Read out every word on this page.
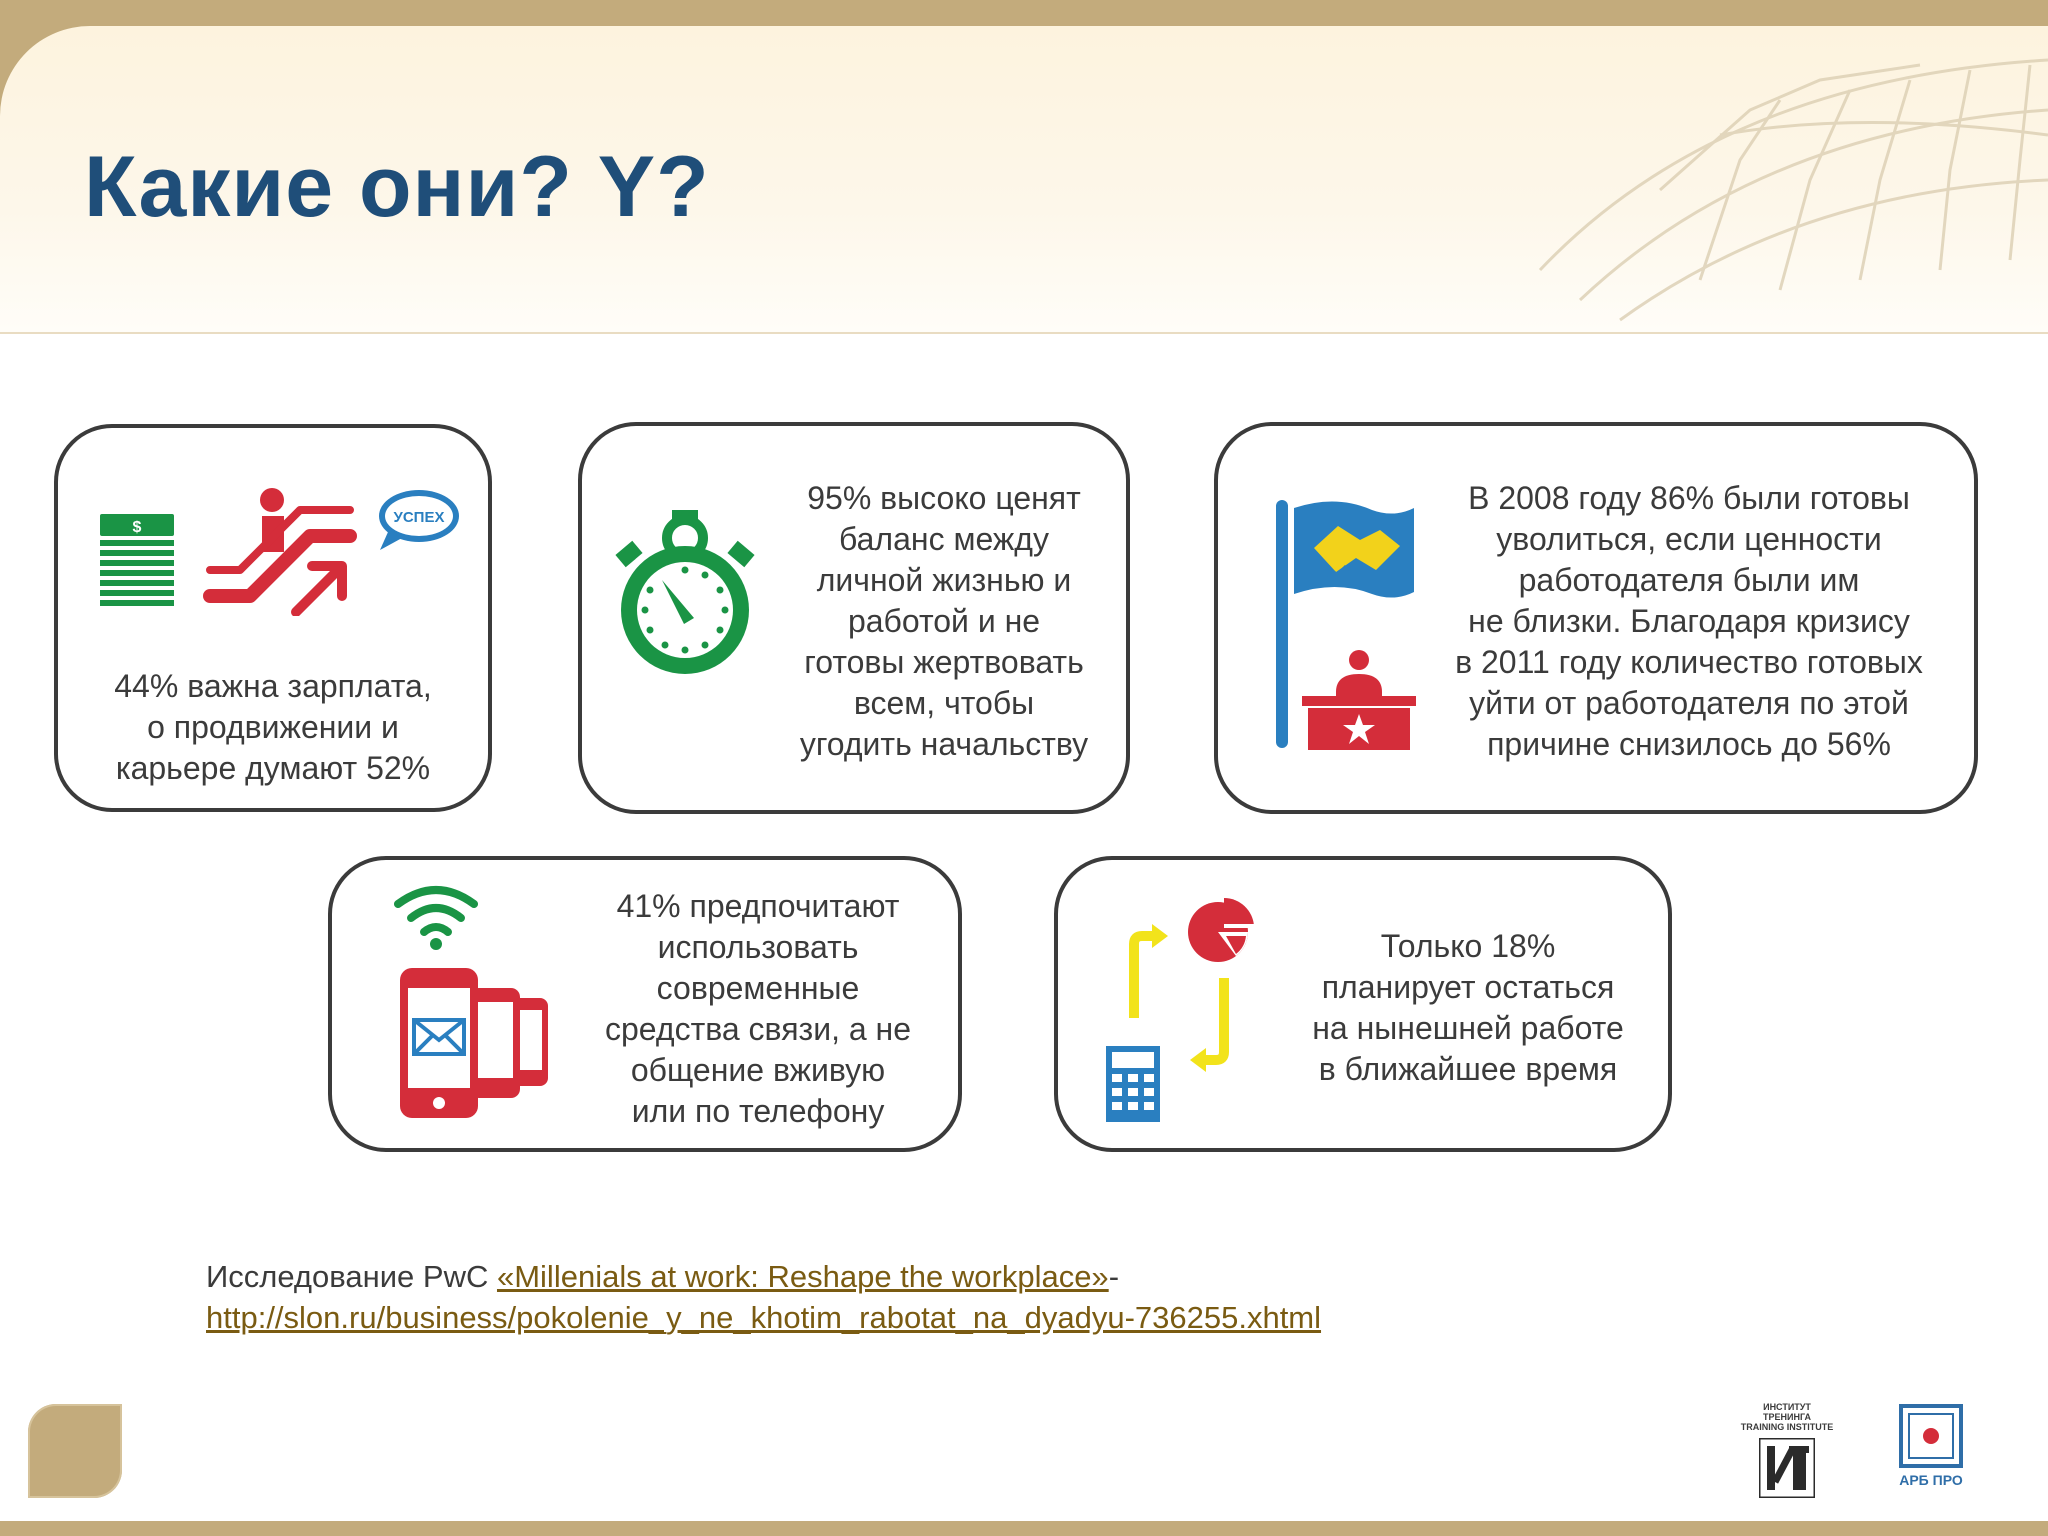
Какие они? Y?
$
УСПЕХ
44% важна зарплата,
о продвижении и
карьере думают 52%
95% высоко ценят
баланс между
личной жизнью и
работой и не
готовы жертвовать
всем, чтобы
угодить начальству
В 2008 году 86% были готовы
уволиться, если ценности
работодателя были им
не близки. Благодаря кризису
в 2011 году количество готовых
уйти от работодателя по этой
причине снизилось до 56%
41% предпочитают
использовать
современные
средства связи, а не
общение вживую
или по телефону
Только 18%
планирует остаться
на нынешней работе
в ближайшее время
Исследование PwC «Millenials at work: Reshape the workplace»-
http://slon.ru/business/pokolenie_y_ne_khotim_rabotat_na_dyadyu-736255.xhtml
ИНСТИТУТ ТРЕНИНГА
TRAINING INSTITUTE
АРБ ПРО
